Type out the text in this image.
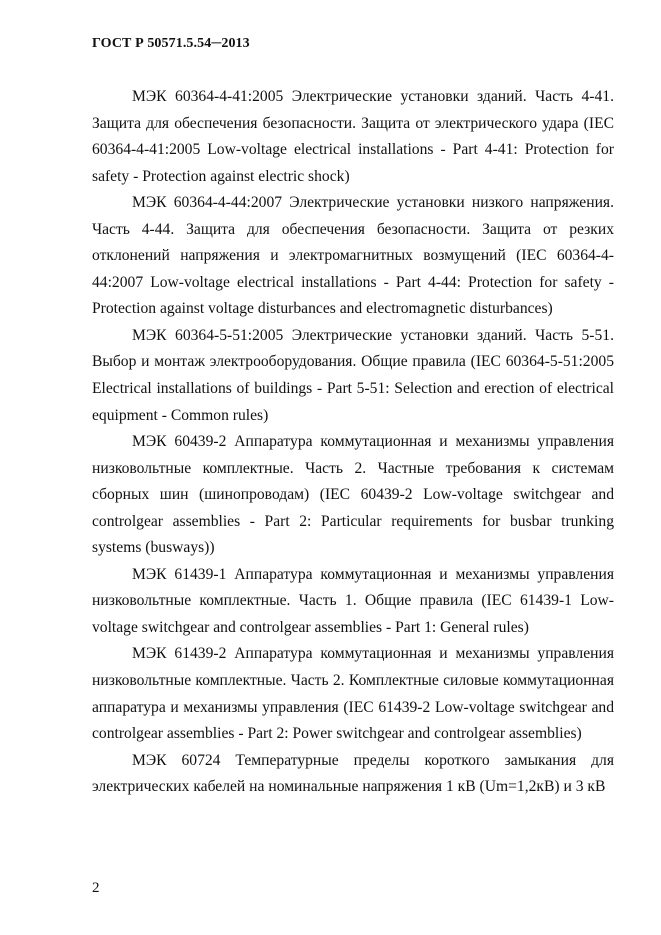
ГОСТ Р 50571.5.54─2013

МЭК 60364-4-41:2005 Электрические установки зданий. Часть 4-41. Защита для обеспечения безопасности. Защита от электрического удара (IEC 60364-4-41:2005 Low-voltage electrical installations - Part 4-41: Protection for safety - Protection against electric shock)

МЭК 60364-4-44:2007 Электрические установки низкого напряжения. Часть 4-44. Защита для обеспечения безопасности. Защита от резких отклонений напряжения и электромагнитных возмущений (IEC 60364-4-44:2007 Low-voltage electrical installations - Part 4-44: Protection for safety - Protection against voltage disturbances and electromagnetic disturbances)

МЭК 60364-5-51:2005 Электрические установки зданий. Часть 5-51. Выбор и монтаж электрооборудования. Общие правила (IEC 60364-5-51:2005 Electrical installations of buildings - Part 5-51: Selection and erection of electrical equipment - Common rules)

МЭК 60439-2 Аппаратура коммутационная и механизмы управления низковольтные комплектные. Часть 2. Частные требования к системам сборных шин (шинопроводам) (IEC 60439-2 Low-voltage switchgear and controlgear assemblies - Part 2: Particular requirements for busbar trunking systems (busways))

МЭК 61439-1 Аппаратура коммутационная и механизмы управления низковольтные комплектные. Часть 1. Общие правила (IEC 61439-1 Low-voltage switchgear and controlgear assemblies - Part 1: General rules)

МЭК 61439-2 Аппаратура коммутационная и механизмы управления низковольтные комплектные. Часть 2. Комплектные силовые коммутационная аппаратура и механизмы управления (IEC 61439-2 Low-voltage switchgear and controlgear assemblies - Part 2: Power switchgear and controlgear assemblies)

МЭК 60724 Температурные пределы короткого замыкания для электрических кабелей на номинальные напряжения 1 кВ (Um=1,2кВ) и 3 кВ

2
